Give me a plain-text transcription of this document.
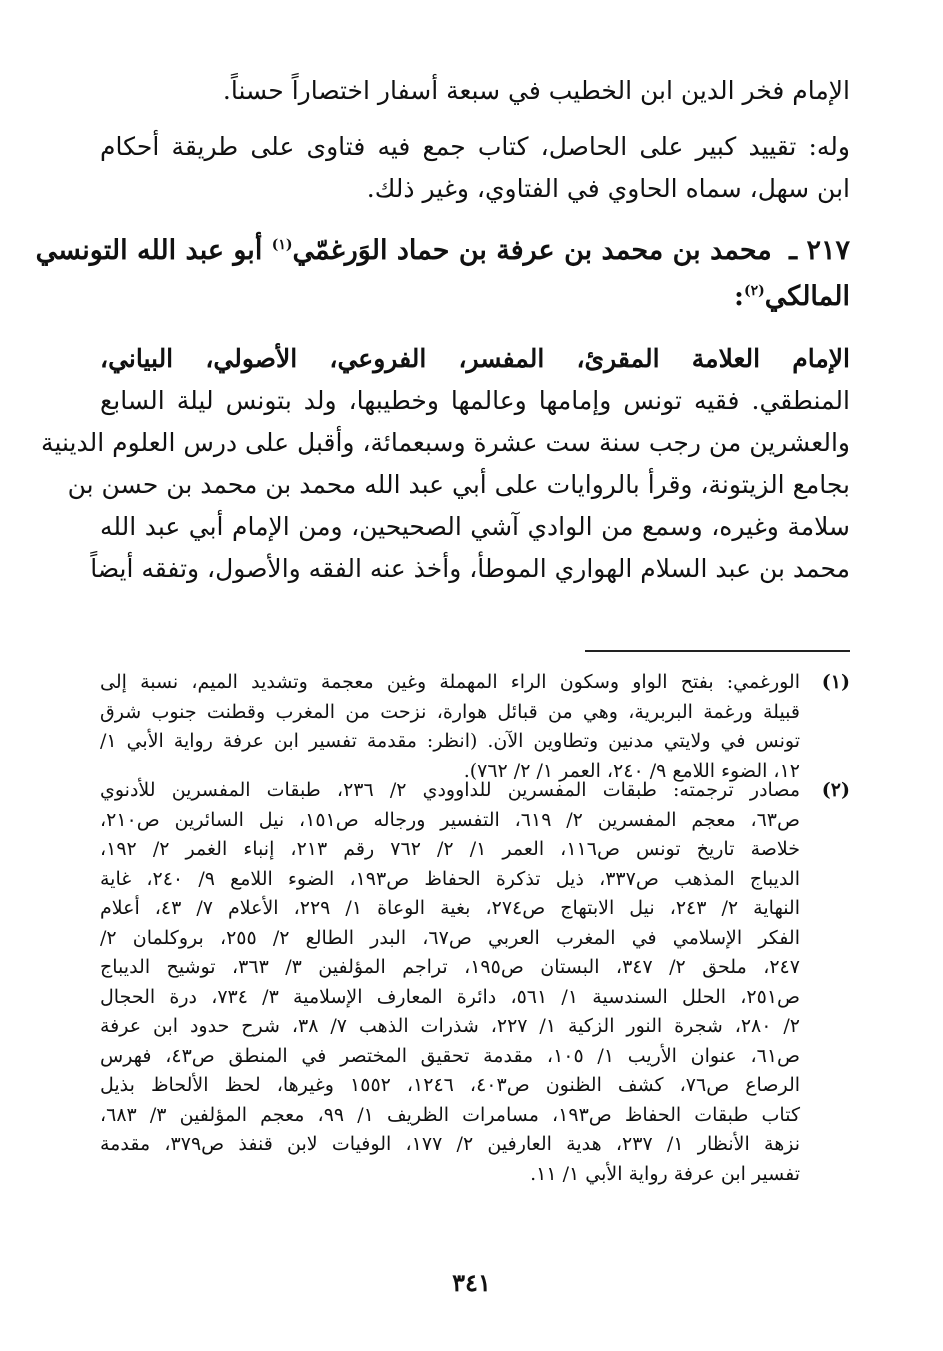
الإمام فخر الدين ابن الخطيب في سبعة أسفار اختصاراً حسناً.
وله: تقييد كبير على الحاصل، كتاب جمع فيه فتاوى على طريقة أحكام
ابن سهل، سماه الحاوي في الفتاوي، وغير ذلك.
٢١٧ ـ محمد بن محمد بن عرفة بن حماد الوَرغمّي$^{(١)}$ أبو عبد الله التونسي
المالكي$^{(٢)}$:
الإمام العلامة المقرئ، المفسر، الفروعي، الأصولي، البياني،
المنطقي. فقيه تونس وإمامها وعالمها وخطيبها، ولد بتونس ليلة السابع
والعشرين من رجب سنة ست عشرة وسبعمائة، وأقبل على درس العلوم الدينية
بجامع الزيتونة، وقرأ بالروايات على أبي عبد الله محمد بن محمد بن حسن بن
سلامة وغيره، وسمع من الوادي آشي الصحيحين، ومن الإمام أبي عبد الله
محمد بن عبد السلام الهواري الموطأ، وأخذ عنه الفقه والأصول، وتفقه أيضاً
(١)
الورغمي: بفتح الواو وسكون الراء المهملة وغين معجمة وتشديد الميم، نسبة إلى
قبيلة ورغمة البربرية، وهي من قبائل هوارة، نزحت من المغرب وقطنت جنوب شرق
تونس في ولايتي مدنين وتطاوين الآن. (انظر: مقدمة تفسير ابن عرفة رواية الأبي ١/
١٢، الضوء اللامع ٩/ ٢٤٠، العمر ١/ ٢/ ٧٦٢).
(٢)
مصادر ترجمته: طبقات المفسرين للداوودي ٢/ ٢٣٦، طبقات المفسرين للأدنوي
ص٦٣، معجم المفسرين ٢/ ٦١٩، التفسير ورجاله ص١٥١، نيل السائرين ص٢١٠،
خلاصة تاريخ تونس ص١١٦، العمر ١/ ٢/ ٧٦٢ رقم ٢١٣، إنباء الغمر ٢/ ١٩٢،
الديباج المذهب ص٣٣٧، ذيل تذكرة الحفاظ ص١٩٣، الضوء اللامع ٩/ ٢٤٠، غاية
النهاية ٢/ ٢٤٣، نيل الابتهاج ص٢٧٤، بغية الوعاة ١/ ٢٢٩، الأعلام ٧/ ٤٣، أعلام
الفكر الإسلامي في المغرب العربي ص٦٧، البدر الطالع ٢/ ٢٥٥، بروكلمان ٢/
٢٤٧، ملحق ٢/ ٣٤٧، البستان ص١٩٥، تراجم المؤلفين ٣/ ٣٦٣، توشيح الديباج
ص٢٥١، الحلل السندسية ١/ ٥٦١، دائرة المعارف الإسلامية ٣/ ٧٣٤، درة الحجال
٢/ ٢٨٠، شجرة النور الزكية ١/ ٢٢٧، شذرات الذهب ٧/ ٣٨، شرح حدود ابن عرفة
ص٦١، عنوان الأريب ١/ ١٠٥، مقدمة تحقيق المختصر في المنطق ص٤٣، فهرس
الرصاع ص٧٦، كشف الظنون ص٤٠٣، ١٢٤٦، ١٥٥٢ وغيرها، لحظ الألحاظ بذيل
كتاب طبقات الحفاظ ص١٩٣، مسامرات الظريف ١/ ٩٩، معجم المؤلفين ٣/ ٦٨٣،
نزهة الأنظار ١/ ٢٣٧، هدية العارفين ٢/ ١٧٧، الوفيات لابن قنفذ ص٣٧٩، مقدمة
تفسير ابن عرفة رواية الأبي ١/ ١١.
٣٤١
